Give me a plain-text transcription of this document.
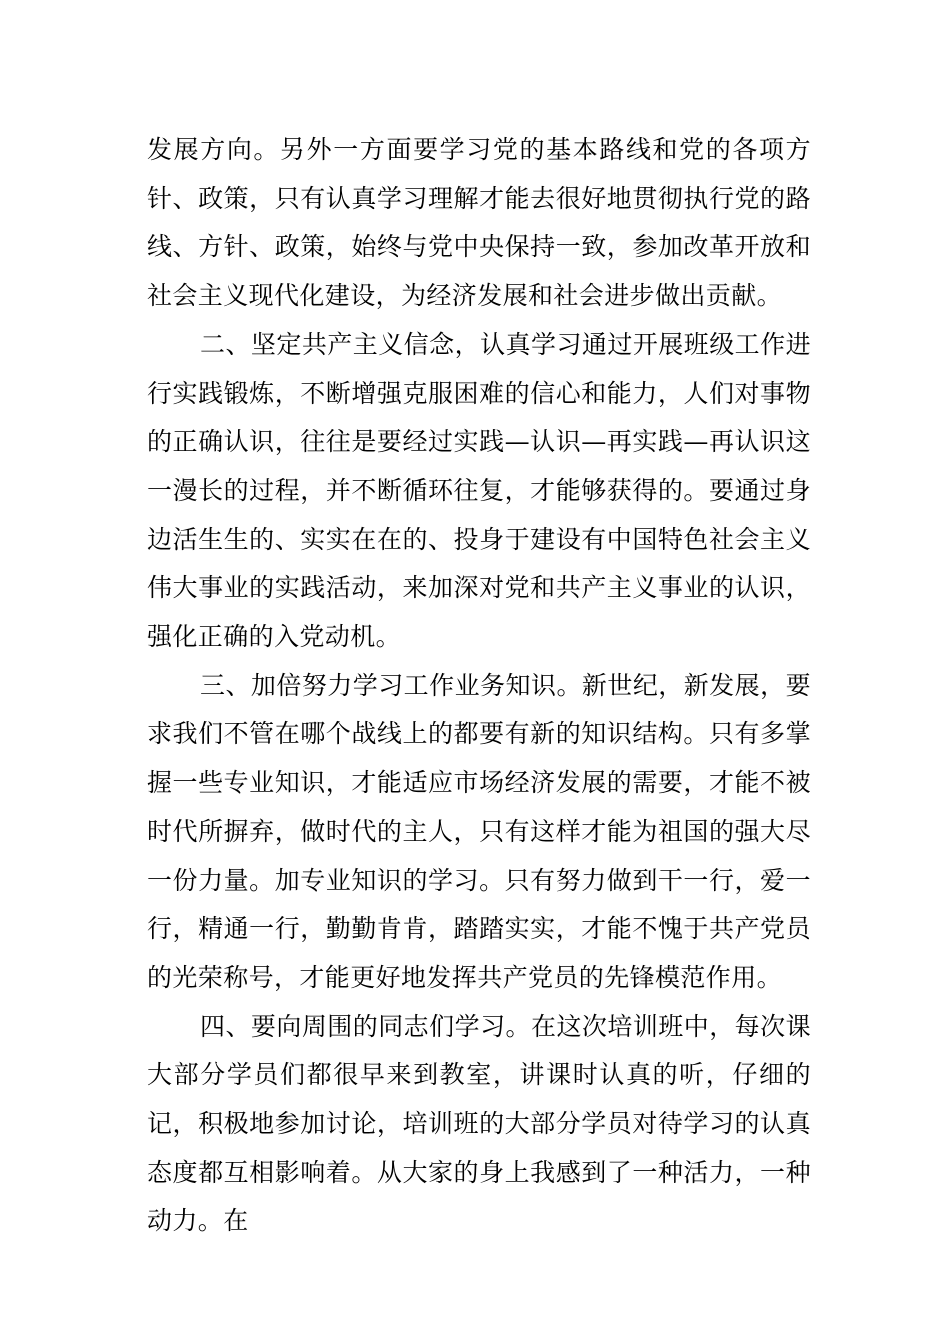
发展方向。另外一方面要学习党的基本路线和党的各项方针、政策，只有认真学习理解才能去很好地贯彻执行党的路线、方针、政策，始终与党中央保持一致，参加改革开放和社会主义现代化建设，为经济发展和社会进步做出贡献。

二、坚定共产主义信念，认真学习通过开展班级工作进行实践锻炼，不断增强克服困难的信心和能力，人们对事物的正确认识，往往是要经过实践—认识—再实践—再认识这一漫长的过程，并不断循环往复，才能够获得的。要通过身边活生生的、实实在在的、投身于建设有中国特色社会主义伟大事业的实践活动，来加深对党和共产主义事业的认识，强化正确的入党动机。

三、加倍努力学习工作业务知识。新世纪，新发展，要求我们不管在哪个战线上的都要有新的知识结构。只有多掌握一些专业知识，才能适应市场经济发展的需要，才能不被时代所摒弃，做时代的主人，只有这样才能为祖国的强大尽一份力量。加专业知识的学习。只有努力做到干一行，爱一行，精通一行，勤勤肯肯，踏踏实实，才能不愧于共产党员的光荣称号，才能更好地发挥共产党员的先锋模范作用。

四、要向周围的同志们学习。在这次培训班中，每次课大部分学员们都很早来到教室，讲课时认真的听，仔细的记，积极地参加讨论，培训班的大部分学员对待学习的认真态度都互相影响着。从大家的身上我感到了一种活力，一种动力。在
